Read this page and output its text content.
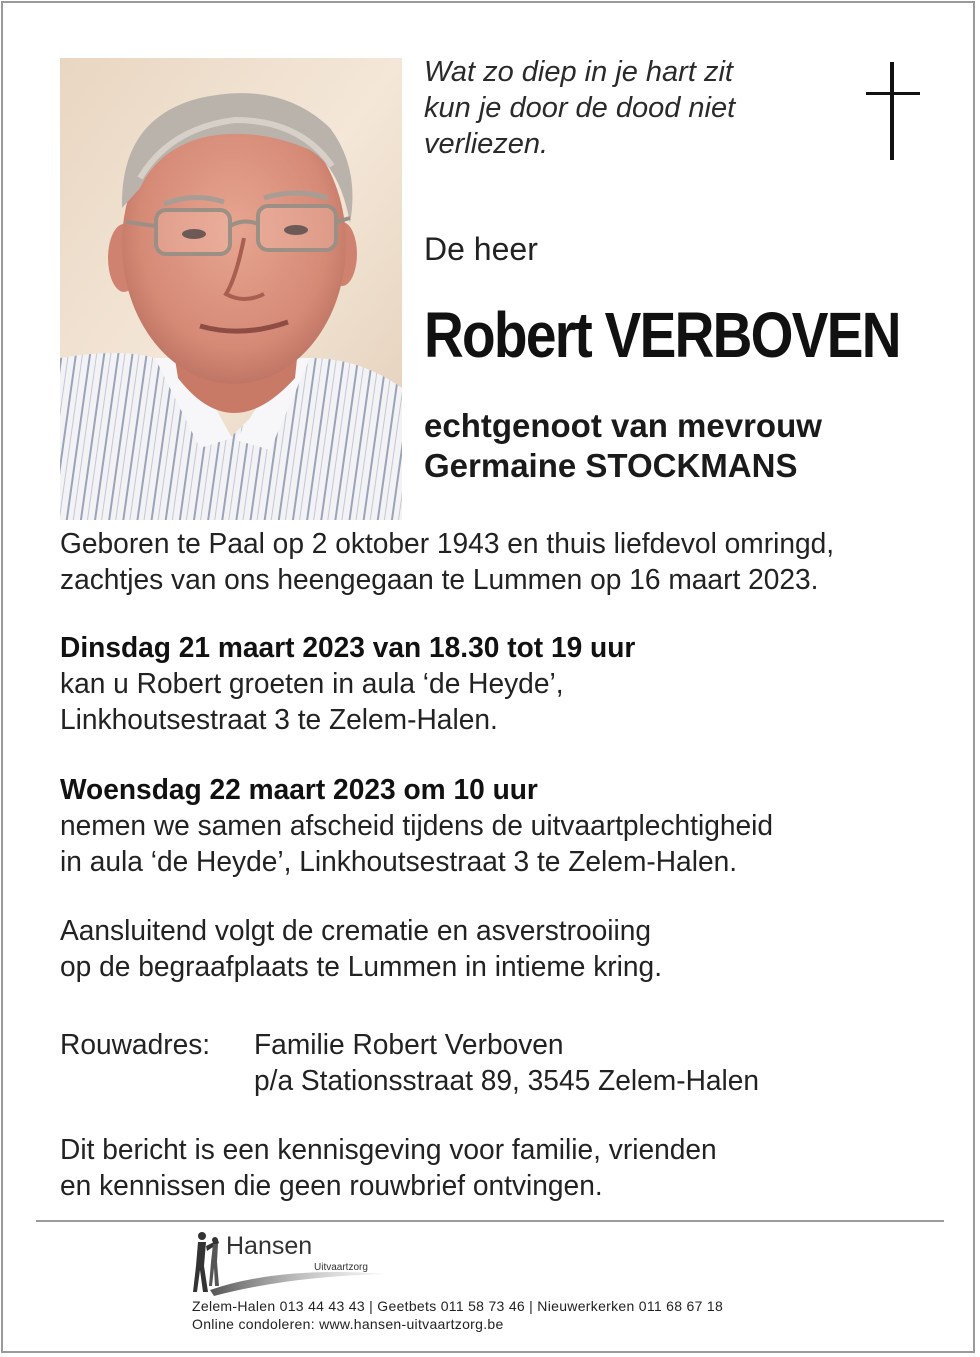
Wat zo diep in je hart zit
kun je door de dood niet
verliezen.
De heer
Robert VERBOVEN
echtgenoot van mevrouw
Germaine STOCKMANS
Geboren te Paal op 2 oktober 1943 en thuis liefdevol omringd,
zachtjes van ons heengegaan te Lummen op 16 maart 2023.
Dinsdag 21 maart 2023 van 18.30 tot 19 uur
kan u Robert groeten in aula ‘de Heyde’,
Linkhoutsestraat 3 te Zelem-Halen.
Woensdag 22 maart 2023 om 10 uur
nemen we samen afscheid tijdens de uitvaartplechtigheid
in aula ‘de Heyde’, Linkhoutsestraat 3 te Zelem-Halen.
Aansluitend volgt de crematie en asverstrooiing
op de begraafplaats te Lummen in intieme kring.
Rouwadres:	Familie Robert Verboven
p/a Stationsstraat 89, 3545 Zelem-Halen
Dit bericht is een kennisgeving voor familie, vrienden
en kennissen die geen rouwbrief ontvingen.
Hansen
Uitvaartzorg
Zelem-Halen 013 44 43 43 | Geetbets 011 58 73 46 | Nieuwerkerken 011 68 67 18
Online condoleren: www.hansen-uitvaartzorg.be
